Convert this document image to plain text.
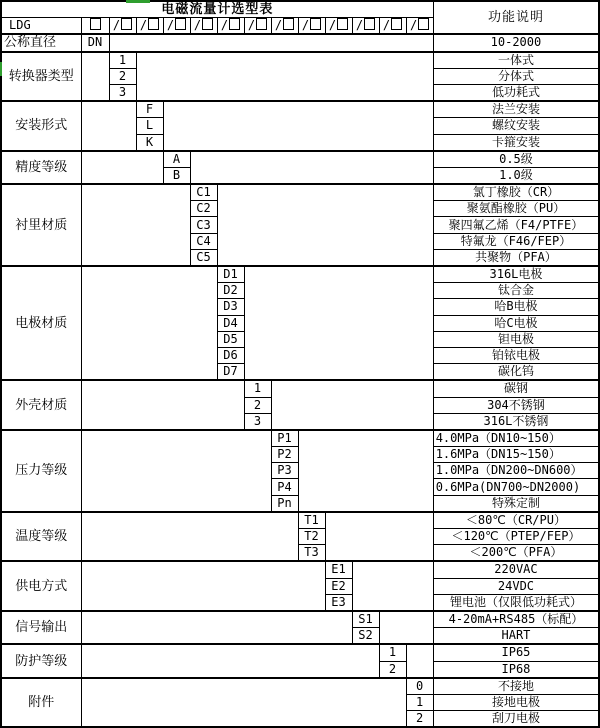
电磁流量计选型表														功能说明
LDG		/	/	/	/	/	/	/	/	/	/	/	/	
公称直径	DN													10-2000
转换器类型		1												一体式
		2												分体式
		3												低功耗式
安装形式			F											法兰安装
			L											螺纹安装
			K											卡箍安装
精度等级				A										0.5级
				B										1.0级
衬里材质					C1									氯丁橡胶（CR）
					C2									聚氨酯橡胶（PU）
					C3									聚四氟乙烯（F4/PTFE）
					C4									特氟龙（F46/FEP）
					C5									共聚物（PFA）
电极材质						D1								316L电极
						D2								钛合金
						D3								哈B电极
						D4								哈C电极
						D5								钽电极
						D6								铂铱电极
						D7								碳化钨
外壳材质							1							碳钢
							2							304不锈钢
							3							316L不锈钢
压力等级								P1						4.0MPa（DN10~150）
								P2						1.6MPa（DN15~150）
								P3						1.0MPa（DN200~DN600）
								P4						0.6MPa(DN700~DN2000)
								Pn						特殊定制
温度等级									T1					＜80℃（CR/PU）
									T2					＜120℃（PTEP/FEP）
									T3					＜200℃（PFA）
供电方式										E1				220VAC
										E2				24VDC
										E3				锂电池（仅限低功耗式）
信号输出											S1			4-20mA+RS485（标配）
											S2			HART
防护等级												1		IP65
												2		IP68
附件													0	不接地
													1	接地电极
													2	刮刀电极
